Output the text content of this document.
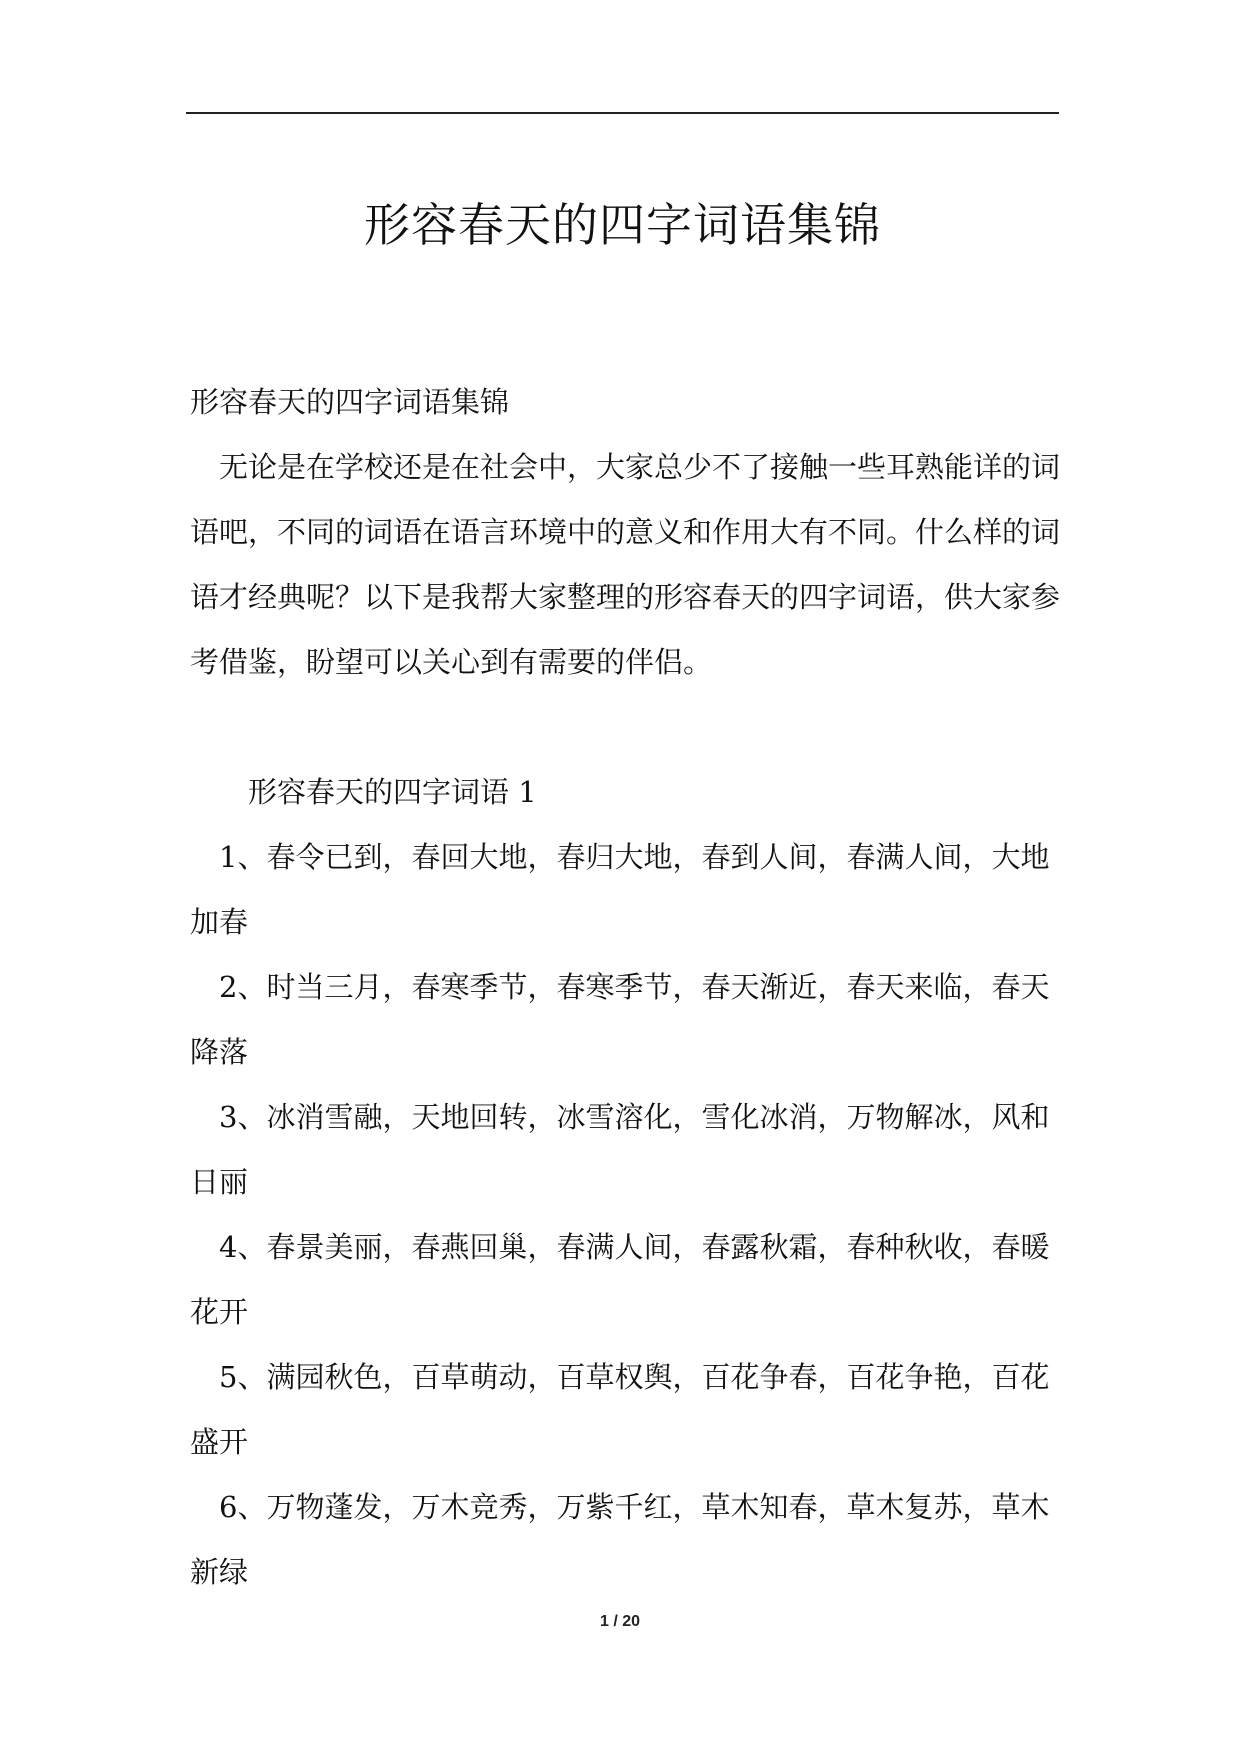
形容春天的四字词语集锦

形容春天的四字词语集锦

无论是在学校还是在社会中，大家总少不了接触一些耳熟能详的词语吧，不同的词语在语言环境中的意义和作用大有不同。什么样的词语才经典呢？以下是我帮大家整理的形容春天的四字词语，供大家参考借鉴，盼望可以关心到有需要的伴侣。

形容春天的四字词语 1

1、春令已到，春回大地，春归大地，春到人间，春满人间，大地加春

2、时当三月，春寒季节，春寒季节，春天渐近，春天来临，春天降落

3、冰消雪融，天地回转，冰雪溶化，雪化冰消，万物解冰，风和日丽

4、春景美丽，春燕回巢，春满人间，春露秋霜，春种秋收，春暖花开

5、满园秋色，百草萌动，百草权舆，百花争春，百花争艳，百花盛开

6、万物蓬发，万木竞秀，万紫千红，草木知春，草木复苏，草木新绿

1 / 20
